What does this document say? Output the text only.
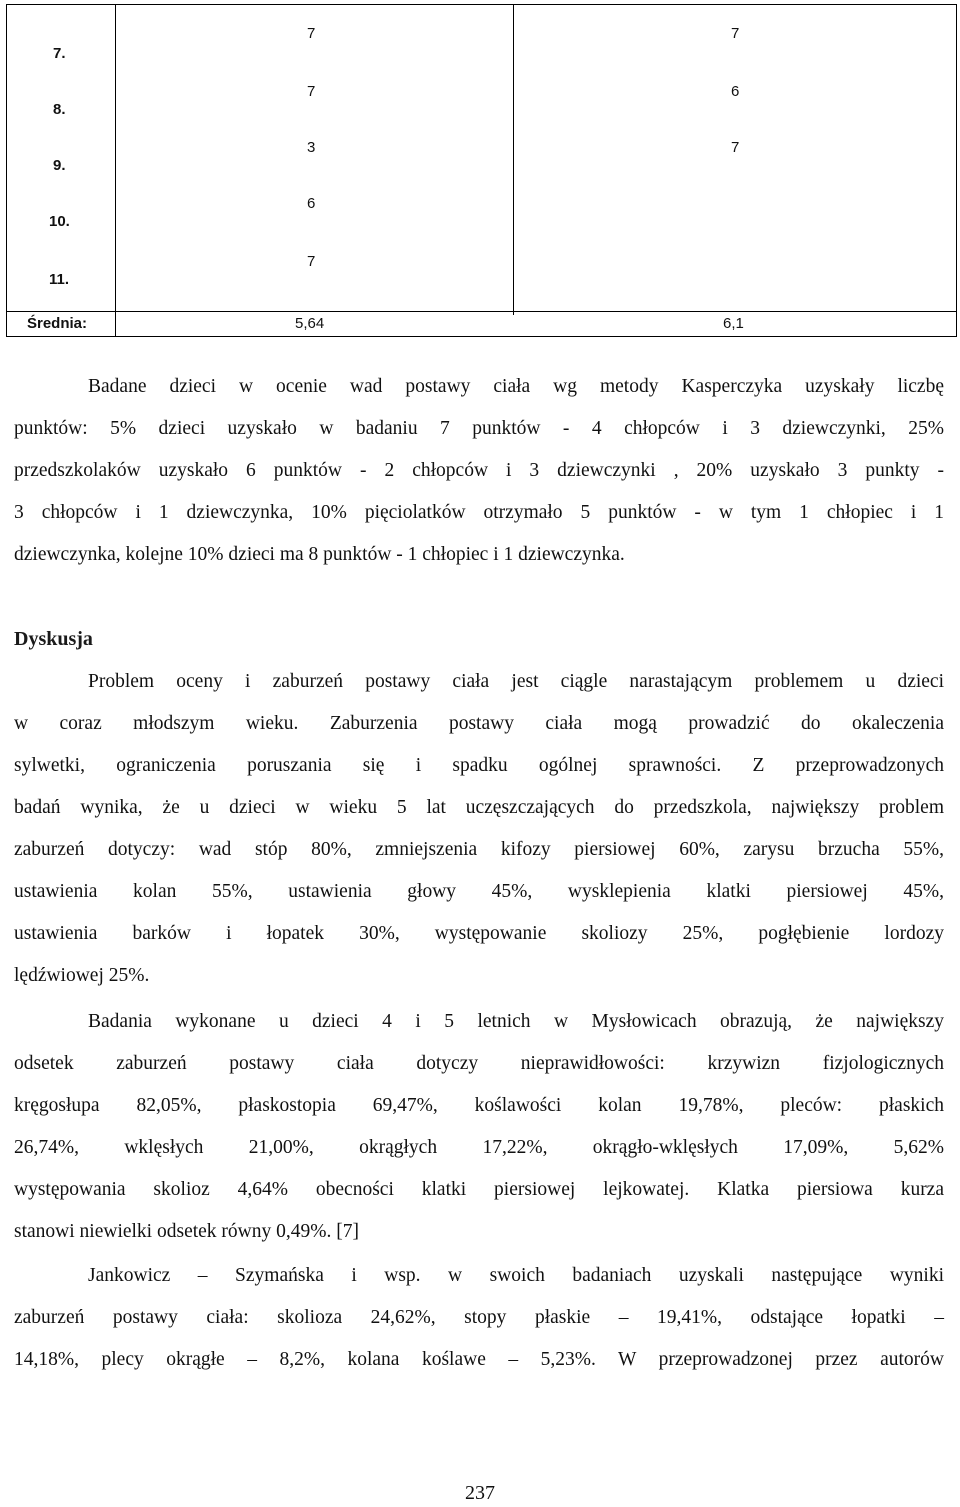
7.
8.
9.
10.
11.
7
7
3
6
7
7
6
7
Średnia:	5,64	6,1
Badane dzieci w ocenie wad postawy ciała wg metody Kasperczyka uzyskały liczbę
punktów: 5% dzieci uzyskało w badaniu 7 punktów - 4 chłopców i 3 dziewczynki, 25%
przedszkolaków uzyskało 6 punktów - 2 chłopców i 3 dziewczynki , 20% uzyskało 3 punkty -
3 chłopców i 1 dziewczynka, 10% pięciolatków otrzymało 5 punktów - w tym 1 chłopiec i 1
dziewczynka, kolejne 10% dzieci ma 8 punktów - 1 chłopiec i 1 dziewczynka.
Dyskusja
Problem oceny i zaburzeń postawy ciała jest ciągle narastającym problemem u dzieci
w coraz młodszym wieku. Zaburzenia postawy ciała mogą prowadzić do okaleczenia
sylwetki, ograniczenia poruszania się i spadku ogólnej sprawności. Z przeprowadzonych
badań wynika, że u dzieci w wieku 5 lat uczęszczających do przedszkola, największy problem
zaburzeń dotyczy: wad stóp 80%, zmniejszenia kifozy piersiowej 60%, zarysu brzucha 55%,
ustawienia kolan 55%, ustawienia głowy 45%, wysklepienia klatki piersiowej 45%,
ustawienia barków i łopatek 30%, występowanie skoliozy 25%, pogłębienie lordozy
lędźwiowej 25%.
Badania wykonane u dzieci 4 i 5 letnich w Mysłowicach obrazują, że największy
odsetek zaburzeń postawy ciała dotyczy nieprawidłowości: krzywizn fizjologicznych
kręgosłupa 82,05%, płaskostopia 69,47%, koślawości kolan 19,78%, pleców: płaskich
26,74%, wklęsłych 21,00%, okrągłych 17,22%, okrągło-wklęsłych 17,09%, 5,62%
występowania skolioz 4,64% obecności klatki piersiowej lejkowatej. Klatka piersiowa kurza
stanowi niewielki odsetek równy 0,49%. [7]
Jankowicz – Szymańska i wsp. w swoich badaniach uzyskali następujące wyniki
zaburzeń postawy ciała: skolioza 24,62%, stopy płaskie – 19,41%, odstające łopatki –
14,18%, plecy okrągłe – 8,2%, kolana koślawe – 5,23%. W przeprowadzonej przez autorów
237
